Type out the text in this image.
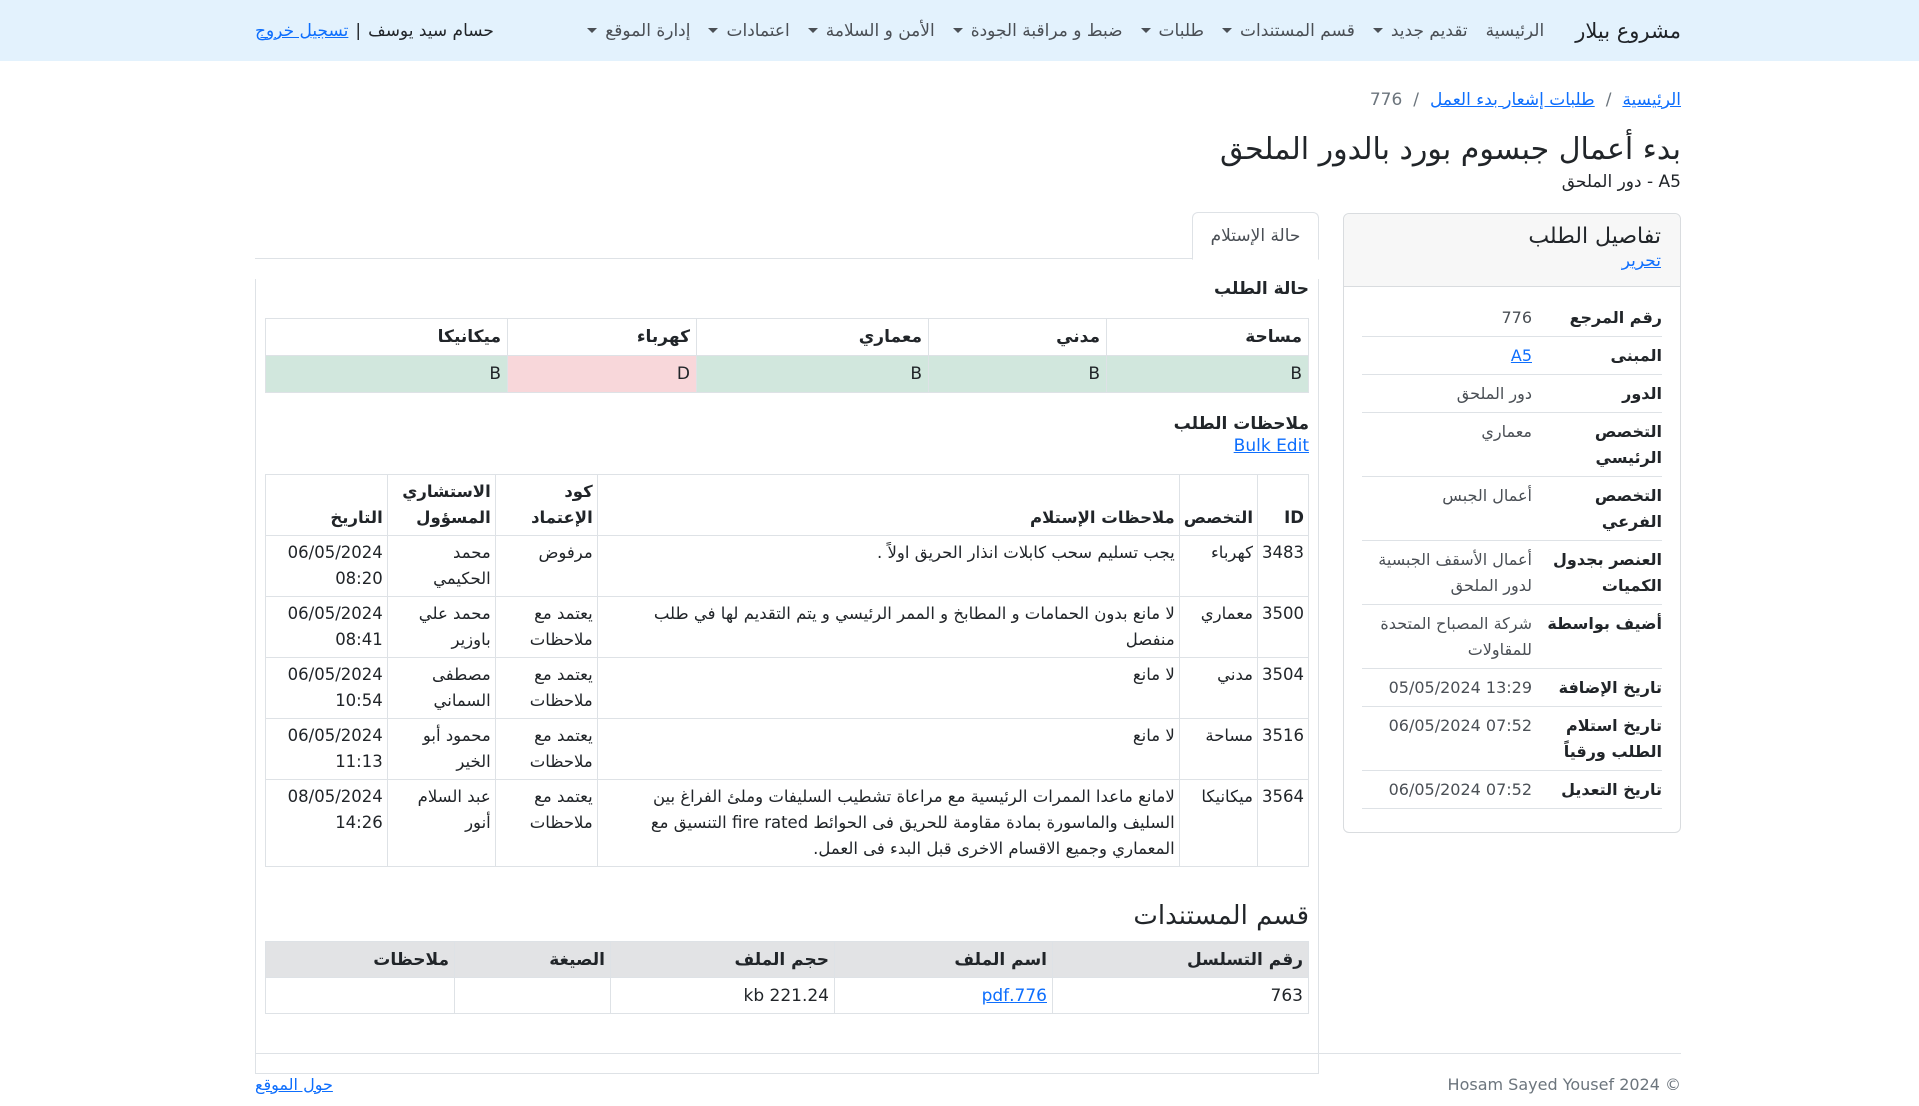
مشروع بيلار
الرئيسية
تقديم جديد
قسم المستندات
طلبات
ضبط و مراقبة الجودة
الأمن و السلامة
اعتمادات
إدارة الموقع
حسام سيد يوسف
|
تسجيل خروج
الرئيسية
/
طلبات إشعار بدء العمل
/
776
بدء أعمال جبسوم بورد بالدور الملحق
A5 - دور الملحق
تفاصيل الطلب
تحرير
رقم المرجع
776
المبنى
A5
الدور
دور الملحق
التخصص الرئيسي
معماري
التخصص الفرعي
أعمال الجبس
العنصر بجدول الكميات
أعمال الأسقف الجبسية لدور الملحق
أضيف بواسطة
شركة المصباح المتحدة للمقاولات
تاريخ الإضافة
05/05/2024 13:29
تاريخ استلام الطلب ورقياً
06/05/2024 07:52
تاريخ التعديل
06/05/2024 07:52
حالة الإستلام
حالة الطلب
مساحة	مدني	معماري	كهرباء	ميكانيكا
B	B	B	D	B
ملاحظات الطلب
Bulk Edit
ID	التخصص	ملاحظات الإستلام	كود الإعتماد	الاستشاري المسؤول	التاريخ
3483	كهرباء	يجب تسليم سحب كابلات انذار الحريق اولاً .	مرفوض	محمد الحكيمي	06/05/2024 08:20
3500	معماري	لا مانع بدون الحمامات و المطابخ و الممر الرئيسي و يتم التقديم لها في طلب منفصل	يعتمد مع ملاحظات	محمد علي باوزير	06/05/2024 08:41
3504	مدني	لا مانع	يعتمد مع ملاحظات	مصطفى السماني	06/05/2024 10:54
3516	مساحة	لا مانع	يعتمد مع ملاحظات	محمود أبو الخير	06/05/2024 11:13
3564	ميكانيكا	لامانع ماعدا الممرات الرئيسية مع مراعاة تشطيب السليفات وملئ الفراغ بين السليف والماسورة بمادة مقاومة للحريق فى الحوائط fire rated التنسيق مع المعماري وجميع الاقسام الاخرى قبل البدء فى العمل.	يعتمد مع ملاحظات	عبد السلام أنور	08/05/2024 14:26
قسم المستندات
رقم التسلسل	اسم الملف	حجم الملف	الصيغة	ملاحظات
763	776.pdf	221.24 kb		
© 2024 Hosam Sayed Yousef
حول الموقع
